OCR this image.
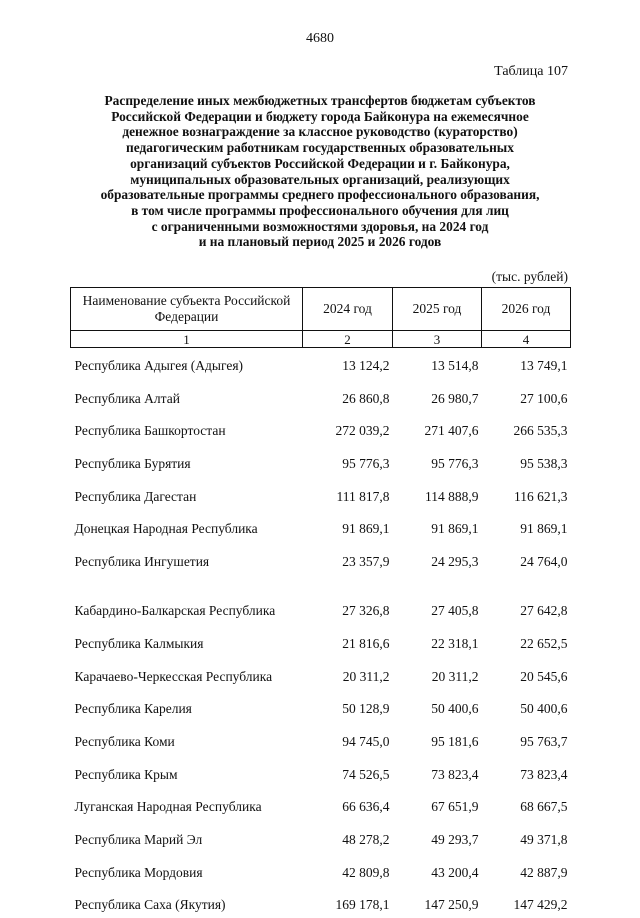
4680
Таблица 107
Распределение иных межбюджетных трансфертов бюджетам субъектов
Российской Федерации и бюджету города Байконура на ежемесячное
денежное вознаграждение за классное руководство (кураторство)
педагогическим работникам государственных образовательных
организаций субъектов Российской Федерации и г. Байконура,
муниципальных образовательных организаций, реализующих
образовательные программы среднего профессионального образования,
в том числе программы профессионального обучения для лиц
с ограниченными возможностями здоровья, на 2024 год
и на плановый период 2025 и 2026 годов
(тыс. рублей)
Наименование субъекта Российской Федерации	2024 год	2025 год	2026 год
1	2	3	4
Республика Адыгея (Адыгея)	13 124,2	13 514,8	13 749,1
Республика Алтай	26 860,8	26 980,7	27 100,6
Республика Башкортостан	272 039,2	271 407,6	266 535,3
Республика Бурятия	95 776,3	95 776,3	95 538,3
Республика Дагестан	111 817,8	114 888,9	116 621,3
Донецкая Народная Республика	91 869,1	91 869,1	91 869,1
Республика Ингушетия	23 357,9	24 295,3	24 764,0
Кабардино-Балкарская Республика	27 326,8	27 405,8	27 642,8
Республика Калмыкия	21 816,6	22 318,1	22 652,5
Карачаево-Черкесская Республика	20 311,2	20 311,2	20 545,6
Республика Карелия	50 128,9	50 400,6	50 400,6
Республика Коми	94 745,0	95 181,6	95 763,7
Республика Крым	74 526,5	73 823,4	73 823,4
Луганская Народная Республика	66 636,4	67 651,9	68 667,5
Республика Марий Эл	48 278,2	49 293,7	49 371,8
Республика Мордовия	42 809,8	43 200,4	42 887,9
Республика Саха (Якутия)	169 178,1	147 250,9	147 429,2
